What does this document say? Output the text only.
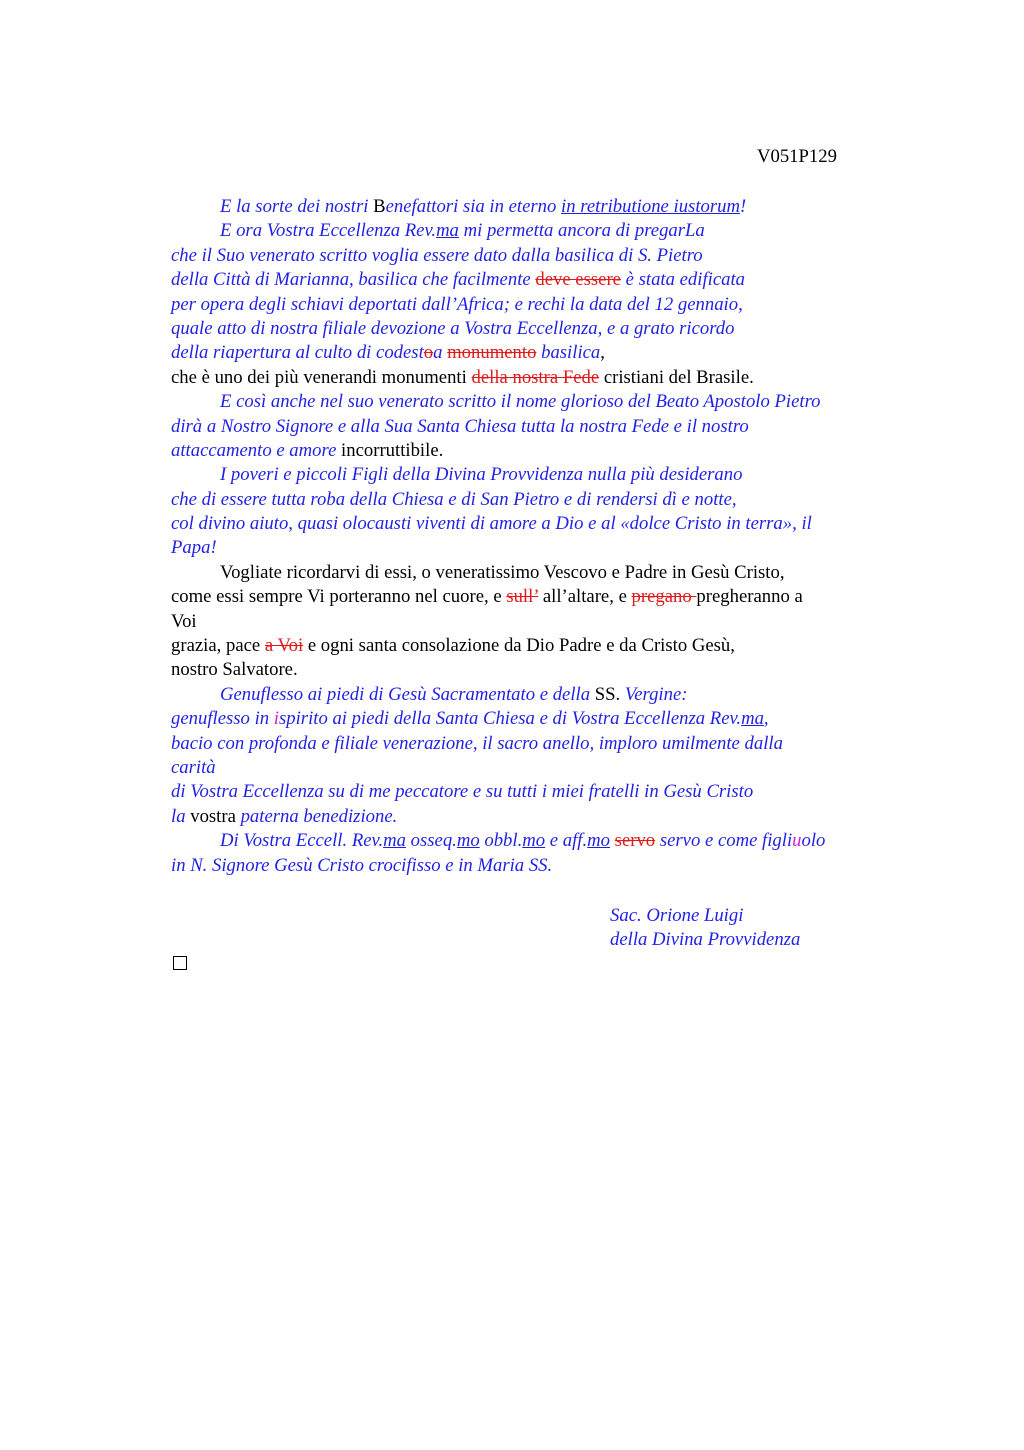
V051P129
E la sorte dei nostri Benefattori sia in eterno in retributione iustorum!
E ora Vostra Eccellenza Rev.ma mi permetta ancora di pregarLa
che il Suo venerato scritto voglia essere dato dalla basilica di S. Pietro
della Città di Marianna, basilica che facilmente deve essere è stata edificata
per opera degli schiavi deportati dall’Africa; e rechi la data del 12 gennaio,
quale atto di nostra filiale devozione a Vostra Eccellenza, e a grato ricordo
della riapertura al culto di codestoa monumento basilica,
che è uno dei più venerandi monumenti della nostra Fede cristiani del Brasile.
E così anche nel suo venerato scritto il nome glorioso del Beato Apostolo Pietro
dirà a Nostro Signore e alla Sua Santa Chiesa tutta la nostra Fede e il nostro
attaccamento e amore incorruttibile.
I poveri e piccoli Figli della Divina Provvidenza nulla più desiderano
che di essere tutta roba della Chiesa e di San Pietro e di rendersi dì e notte,
col divino aiuto, quasi olocausti viventi di amore a Dio e al «dolce Cristo in terra», il
Papa!
Vogliate ricordarvi di essi, o veneratissimo Vescovo e Padre in Gesù Cristo,
come essi sempre Vi porteranno nel cuore, e sull’ all’altare, e pregano pregheranno a
Voi
grazia, pace a Voi e ogni santa consolazione da Dio Padre e da Cristo Gesù,
nostro Salvatore.
Genuflesso ai piedi di Gesù Sacramentato e della SS. Vergine:
genuflesso in ispirito ai piedi della Santa Chiesa e di Vostra Eccellenza Rev.ma,
bacio con profonda e filiale venerazione, il sacro anello, imploro umilmente dalla
carità
di Vostra Eccellenza su di me peccatore e su tutti i miei fratelli in Gesù Cristo
la vostra paterna benedizione.
Di Vostra Eccell. Rev.ma osseq.mo obbl.mo e aff.mo servo servo e come figliuolo
in N. Signore Gesù Cristo crocifisso e in Maria SS.
Sac. Orione Luigi
della Divina Provvidenza
